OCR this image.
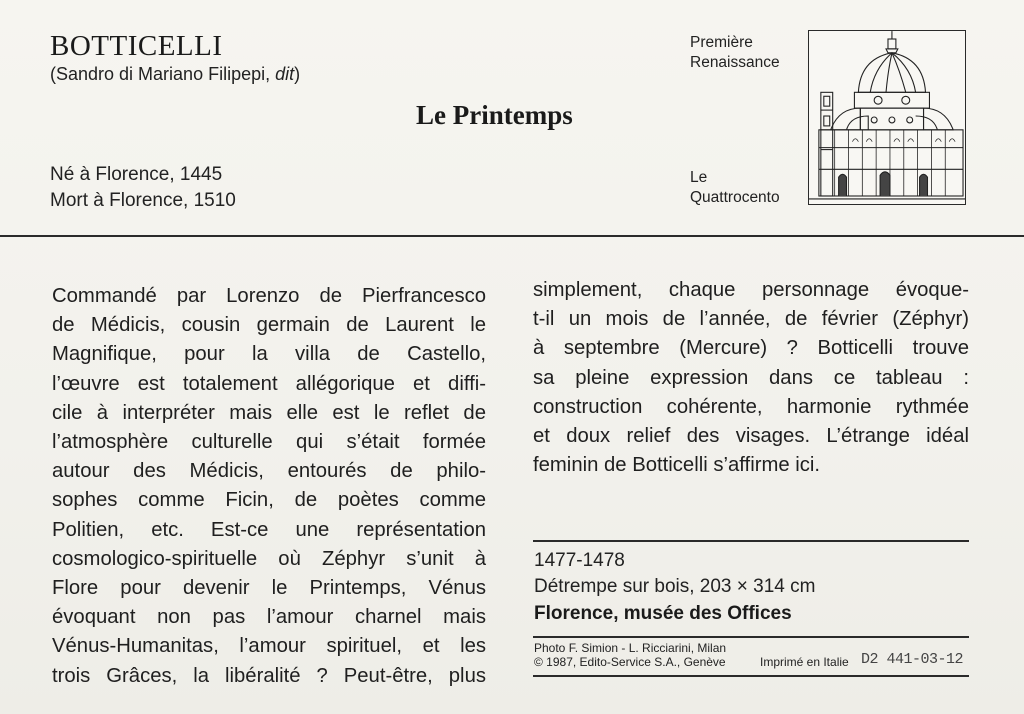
BOTTICELLI
(Sandro di Mariano Filipepi, dit)
Le Printemps
Né à Florence, 1445
Mort à Florence, 1510
Première
Renaissance
Le
Quattrocento
Commandé par Lorenzo de Pierfrancesco
de Médicis, cousin germain de Laurent le
Magnifique, pour la villa de Castello,
l’œuvre est totalement allégorique et diffi-
cile à interpréter mais elle est le reflet de
l’atmosphère culturelle qui s’était formée
autour des Médicis, entourés de philo-
sophes comme Ficin, de poètes comme
Politien, etc. Est-ce une représentation
cosmologico-spirituelle où Zéphyr s’unit à
Flore pour devenir le Printemps, Vénus
évoquant non pas l’amour charnel mais
Vénus-Humanitas, l’amour spirituel, et les
trois Grâces, la libéralité ? Peut-être, plus
simplement, chaque personnage évoque-
t-il un mois de l’année, de février (Zéphyr)
à septembre (Mercure) ? Botticelli trouve
sa pleine expression dans ce tableau :
construction cohérente, harmonie rythmée
et doux relief des visages. L’étrange idéal
feminin de Botticelli s’affirme ici.
1477-1478
Détrempe sur bois, 203 × 314 cm
Florence, musée des Offices
Photo F. Simion - L. Ricciarini, Milan
© 1987, Edito-Service S.A., Genève	Imprimé en Italie D2 441-03-12
